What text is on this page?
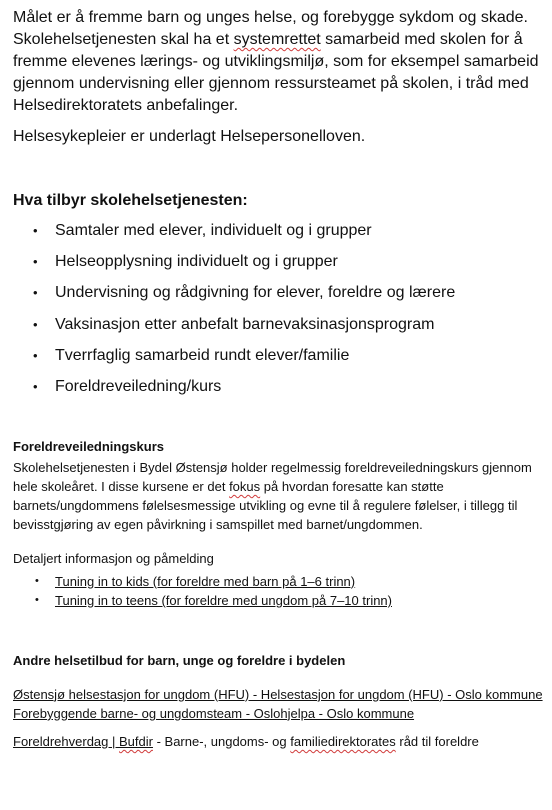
Målet er å fremme barn og unges helse, og forebygge sykdom og skade. Skolehelsetjenesten skal ha et systemrettet samarbeid med skolen for å fremme elevenes lærings- og utviklingsmiljø, som for eksempel samarbeid gjennom undervisning eller gjennom ressursteamet på skolen, i tråd med Helsedirektoratets anbefalinger.

Helsesykepleier er underlagt Helsepersonelloven.

Hva tilbyr skolehelsetjenesten:
• Samtaler med elever, individuelt og i grupper
• Helseopplysning individuelt og i grupper
• Undervisning og rådgivning for elever, foreldre og lærere
• Vaksinasjon etter anbefalt barnevaksinasjonsprogram
• Tverrfaglig samarbeid rundt elever/familie
• Foreldreveiledning/kurs
Foreldreveiledningskurs

Skolehelsetjenesten i Bydel Østensjø holder regelmessig foreldreveiledningskurs gjennom hele skoleåret. I disse kursene er det fokus på hvordan foresatte kan støtte barnets/ungdommens følelsesmessige utvikling og evne til å regulere følelser, i tillegg til bevisstgjøring av egen påvirkning i samspillet med barnet/ungdommen.

Detaljert informasjon og påmelding

• Tuning in to kids (for foreldre med barn på 1–6 trinn)
• Tuning in to teens (for foreldre med ungdom på 7–10 trinn)
Andre helsetilbud for barn, unge og foreldre i bydelen
Østensjø helsestasjon for ungdom (HFU) - Helsestasjon for ungdom (HFU) - Oslo kommune
Forebyggende barne- og ungdomsteam - Oslohjelpa - Oslo kommune
Foreldrehverdag | Bufdir - Barne-, ungdoms- og familiedirektorates råd til foreldre
